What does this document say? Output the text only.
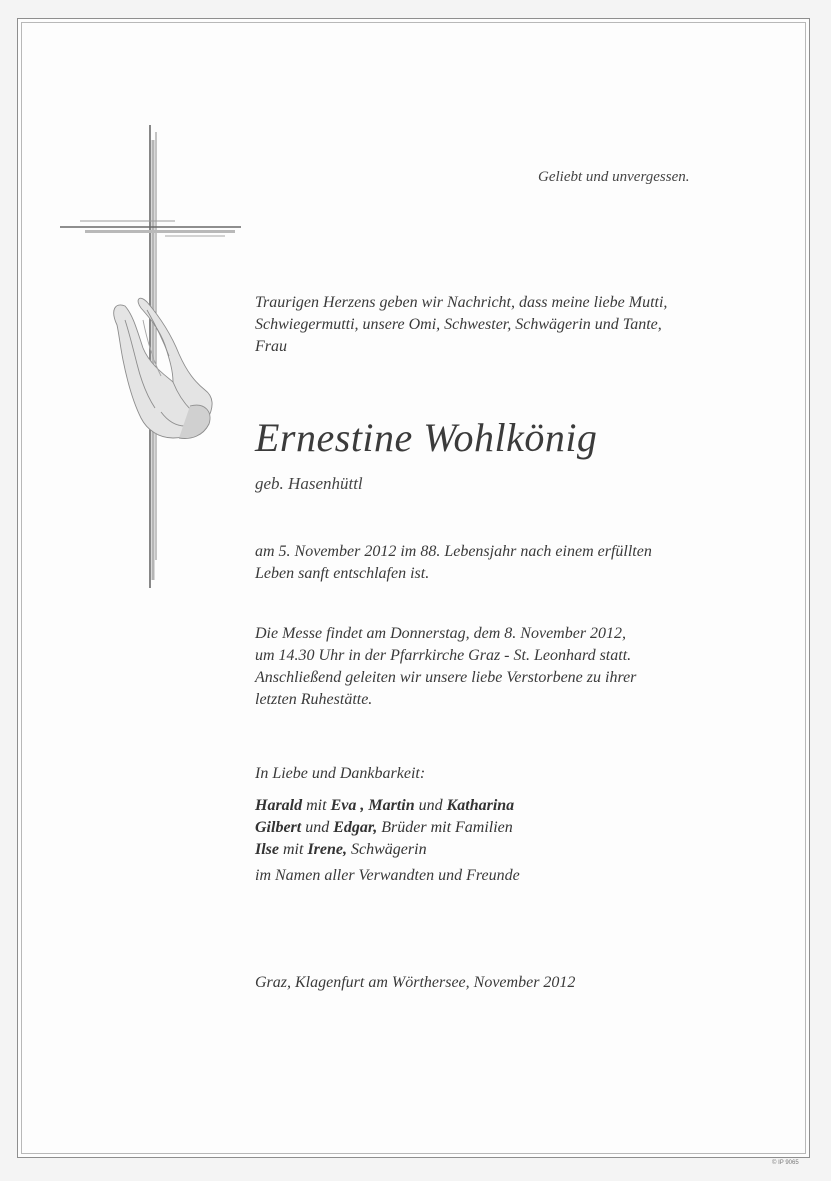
Geliebt und unvergessen.
Traurigen Herzens geben wir Nachricht, dass meine liebe Mutti,
Schwiegermutti, unsere Omi, Schwester, Schwägerin und Tante,
Frau
Ernestine Wohlkönig
geb. Hasenhüttl
am 5. November 2012 im 88. Lebensjahr nach einem erfüllten
Leben sanft entschlafen ist.
Die Messe findet am Donnerstag, dem 8. November 2012,
um 14.30 Uhr in der Pfarrkirche Graz - St. Leonhard statt.
Anschließend geleiten wir unsere liebe Verstorbene zu ihrer
letzten Ruhestätte.
In Liebe und Dankbarkeit:
Harald mit Eva , Martin und Katharina
Gilbert und Edgar, Brüder mit Familien
Ilse mit Irene, Schwägerin
im Namen aller Verwandten und Freunde
Graz, Klagenfurt am Wörthersee, November 2012
© IP 9065
